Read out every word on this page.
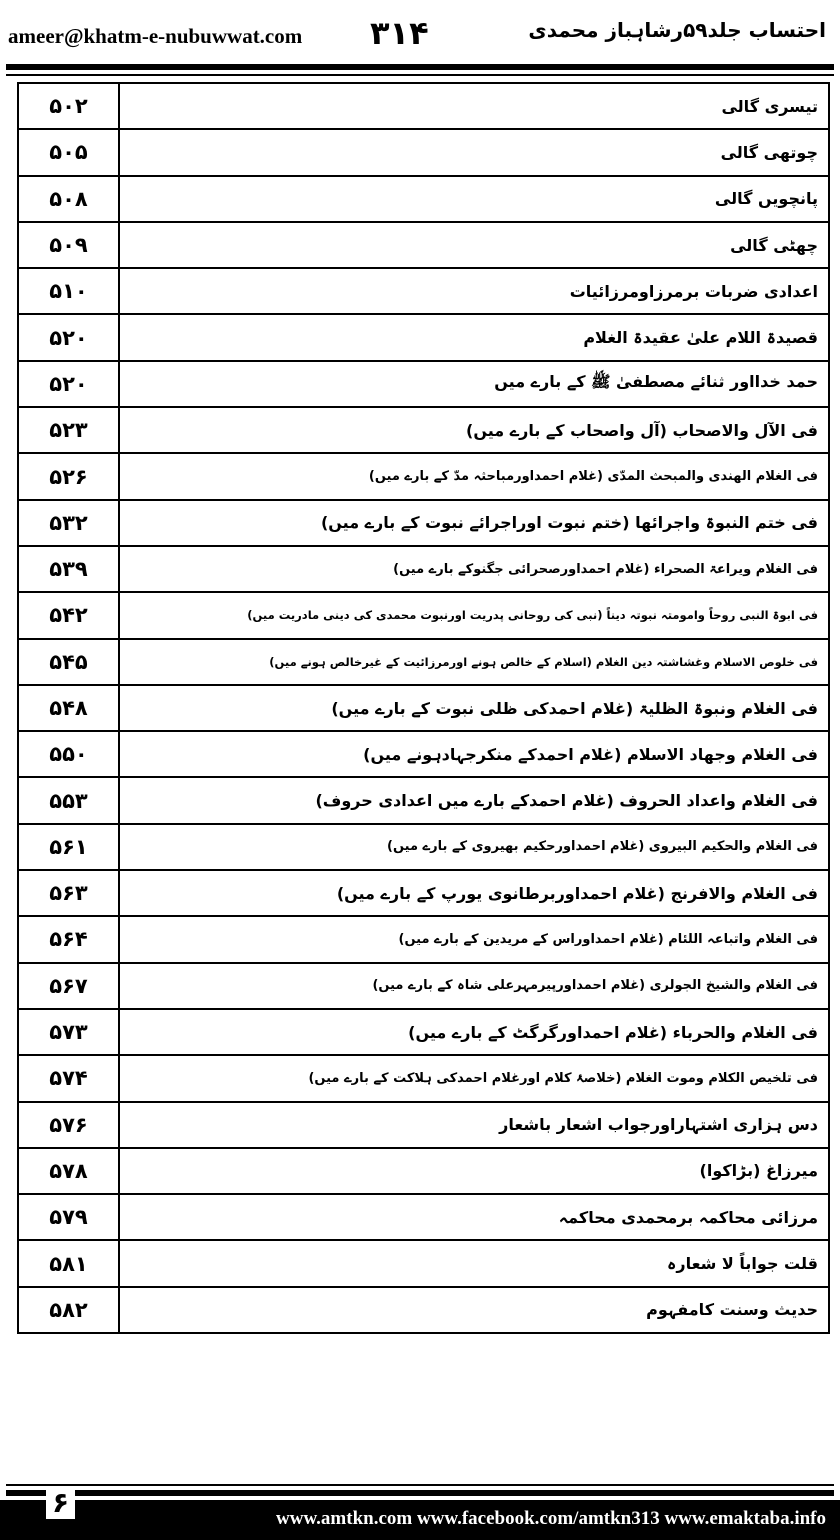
ameer@khatm-e-nubuwwat.com ۳۱۴	احتساب جلد۵۹رشاہباز محمدی
۵۰۲	تیسری گالی
۵۰۵	چوتھی گالی
۵۰۸	پانچویں گالی
۵۰۹	چھٹی گالی
۵۱۰	اعدادی ضربات برمرزاومرزائیات
۵۲۰	قصیدۃ اللام علیٰ عقیدۃ الغلام
۵۲۰	حمد خدااور ثنائے مصطفیٰ ﷺ کے بارے میں
۵۲۳	فی الآل والاصحاب (آل واصحاب کے بارے میں)
۵۲۶	فی الغلام الھندی والمبحث المدّی (غلام احمداورمباحثہ مدّ کے بارے میں)
۵۳۲	فی ختم النبوۃ واجرائھا (ختم نبوت اوراجرائے نبوت کے بارے میں)
۵۳۹	فی الغلام ویراعۃ الصحراء (غلام احمداورصحرائی جگنوکے بارے میں)
۵۴۲	فی ابوۃ النبی روحاً وامومتہ نبوتہ دیناً (نبی کی روحانی پدریت اورنبوت محمدی کی دینی مادریت میں)
۵۴۵	فی خلوص الاسلام وغشاشتہ دین الغلام (اسلام کے خالص ہونے اورمرزائیت کے غیرخالص ہونے میں)
۵۴۸	فی الغلام ونبوۃ الظلیۃ (غلام احمدکی ظلی نبوت کے بارے میں)
۵۵۰	فی الغلام وجھاد الاسلام (غلام احمدکے منکرجہادہونے میں)
۵۵۳	فی الغلام واعداد الحروف (غلام احمدکے بارے میں اعدادی حروف)
۵۶۱	فی الغلام والحکیم البیروی (غلام احمداورحکیم بھیروی کے بارے میں)
۵۶۳	فی الغلام والافرنج (غلام احمداوربرطانوی یورپ کے بارے میں)
۵۶۴	فی الغلام واتباعہ اللئام (غلام احمداوراس کے مریدین کے بارے میں)
۵۶۷	فی الغلام والشیخ الجولری (غلام احمداورپیرمہرعلی شاہ کے بارے میں)
۵۷۳	فی الغلام والحرباء (غلام احمداورگرگٹ کے بارے میں)
۵۷۴	فی تلخیص الکلام وموت الغلام (خلاصۂ کلام اورغلام احمدکی ہلاکت کے بارے میں)
۵۷۶	دس ہزاری اشتہاراورجواب اشعار باشعار
۵۷۸	میرزاغ (بڑاکوا)
۵۷۹	مرزائی محاکمہ برمحمدی محاکمہ
۵۸۱	قلت جواباً لا شعارہ
۵۸۲	حدیث وسنت کامفہوم
۶	www.amtkn.com www.facebook.com/amtkn313 www.emaktaba.info
